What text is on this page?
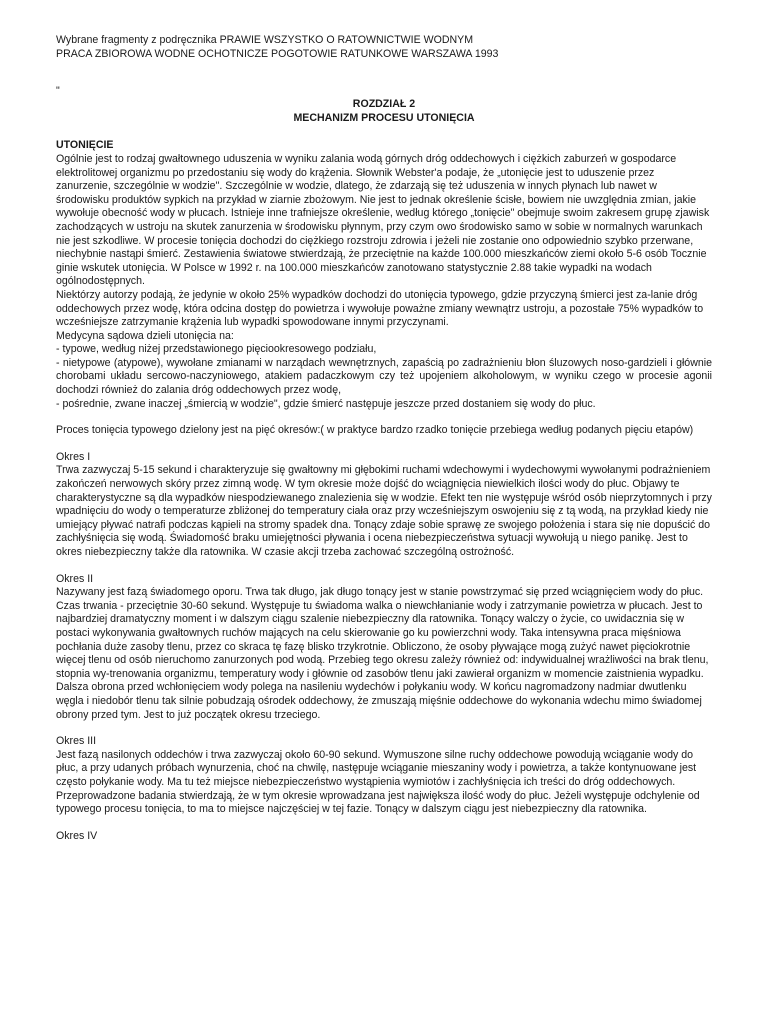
Wybrane fragmenty z podręcznika PRAWIE WSZYSTKO O RATOWNICTWIE WODNYM

PRACA ZBIOROWA WODNE OCHOTNICZE POGOTOWIE RATUNKOWE WARSZAWA 1993

"

ROZDZIAŁ 2

MECHANIZM PROCESU UTONIĘCIA

UTONIĘCIE

Ogólnie jest to rodzaj gwałtownego uduszenia w wyniku zalania wodą górnych dróg oddechowych i ciężkich zaburzeń w gospodarce elektrolitowej organizmu po przedostaniu się wody do krążenia. Słownik Webster'a podaje, że „utonięcie jest to uduszenie przez zanurzenie, szczególnie w wodzie". Szczególnie w wodzie, dlatego, że zdarzają się też uduszenia w innych płynach lub nawet w środowisku produktów sypkich na przykład w ziarnie zbożowym. Nie jest to jednak określenie ścisłe, bowiem nie uwzględnia zmian, jakie wywołuje obecność wody w płucach. Istnieje inne trafniejsze określenie, według którego „tonięcie" obejmuje swoim zakresem grupę zjawisk zachodzących w ustroju na skutek zanurzenia w środowisku płynnym, przy czym owo środowisko samo w sobie w normalnych warunkach nie jest szkodliwe. W procesie tonięcia dochodzi do ciężkiego rozstroju zdrowia i jeżeli nie zostanie ono odpowiednio szybko przerwane, niechybnie nastąpi śmierć. Zestawienia światowe stwierdzają, że przeciętnie na każde 100.000 mieszkańców ziemi około 5-6 osób Tocznie ginie wskutek utonięcia. W Polsce w 1992 r. na 100.000 mieszkańców zanotowano statystycznie 2.88 takie wypadki na wodach ogólnodostępnych.

Niektórzy autorzy podają, że jedynie w około 25% wypadków dochodzi do utonięcia typowego, gdzie przyczyną śmierci jest za-lanie dróg oddechowych przez wodę, która odcina dostęp do powietrza i wywołuje poważne zmiany wewnątrz ustroju, a pozostałe 75% wypadków to wcześniejsze zatrzymanie krążenia lub wypadki spowodowane innymi przyczynami.

Medycyna sądowa dzieli utonięcia na:

- typowe, według niżej przedstawionego pięciookresowego podziału,

- nietypowe (atypowe), wywołane zmianami w narządach wewnętrznych, zapaścią po zadrażnieniu błon śluzowych noso-gardzieli i głównie chorobami układu sercowo-naczyniowego, atakiem padaczkowym czy też upojeniem alkoholowym, w wyniku czego w procesie agonii dochodzi również do zalania dróg oddechowych przez wodę,

- pośrednie, zwane inaczej „śmiercią w wodzie", gdzie śmierć następuje jeszcze przed dostaniem się wody do płuc.

Proces tonięcia typowego dzielony jest na pięć okresów:( w praktyce bardzo rzadko tonięcie przebiega według podanych pięciu etapów)

Okres I

Trwa zazwyczaj 5-15 sekund i charakteryzuje się gwałtowny mi głębokimi ruchami wdechowymi i wydechowymi wywołanymi podrażnieniem zakończeń nerwowych skóry przez zimną wodę. W tym okresie może dojść do wciągnięcia niewielkich ilości wody do płuc. Objawy te charakterystyczne są dla wypadków niespodziewanego znalezienia się w wodzie. Efekt ten nie występuje wśród osób nieprzytomnych i przy wpadnięciu do wody o temperaturze zbliżonej do temperatury ciała oraz przy wcześniejszym oswojeniu się z tą wodą, na przykład kiedy nie umiejący pływać natrafi podczas kąpieli na stromy spadek dna. Tonący zdaje sobie sprawę ze swojego położenia i stara się nie dopuścić do zachłyśnięcia się wodą. Świadomość braku umiejętności pływania i ocena niebezpieczeństwa sytuacji wywołują u niego panikę. Jest to okres niebezpieczny także dla ratownika. W czasie akcji trzeba zachować szczególną ostrożność.

Okres II

Nazywany jest fazą świadomego oporu. Trwa tak długo, jak długo tonący jest w stanie powstrzymać się przed wciągnięciem wody do płuc. Czas trwania - przeciętnie 30-60 sekund. Występuje tu świadoma walka o niewchłanianie wody i zatrzymanie powietrza w płucach. Jest to najbardziej dramatyczny moment i w dalszym ciągu szalenie niebezpieczny dla ratownika. Tonący walczy o życie, co uwidacznia się w postaci wykonywania gwałtownych ruchów mających na celu skierowanie go ku powierzchni wody. Taka intensywna praca mięśniowa pochłania duże zasoby tlenu, przez co skraca tę fazę blisko trzykrotnie. Obliczono, że osoby pływające mogą zużyć nawet pięciokrotnie więcej tlenu od osób nieruchomo zanurzonych pod wodą. Przebieg tego okresu zależy również od: indywidualnej wrażliwości na brak tlenu, stopnia wy-trenowania organizmu, temperatury wody i głównie od zasobów tlenu jaki zawierał organizm w momencie zaistnienia wypadku. Dalsza obrona przed wchłonięciem wody polega na nasileniu wydechów i połykaniu wody. W końcu nagromadzony nadmiar dwutlenku węgla i niedobór tlenu tak silnie pobudzają ośrodek oddechowy, że zmuszają mięśnie oddechowe do wykonania wdechu mimo świadomej obrony przed tym. Jest to już początek okresu trzeciego.

Okres III

Jest fazą nasilonych oddechów i trwa zazwyczaj około 60-90 sekund. Wymuszone silne ruchy oddechowe powodują wciąganie wody do płuc, a przy udanych próbach wynurzenia, choć na chwilę, następuje wciąganie mieszaniny wody i powietrza, a także kontynuowane jest często połykanie wody. Ma tu też miejsce niebezpieczeństwo wystąpienia wymiotów i zachłyśnięcia ich treści do dróg oddechowych. Przeprowadzone badania stwierdzają, że w tym okresie wprowadzana jest największa ilość wody do płuc. Jeżeli występuje odchylenie od typowego procesu tonięcia, to ma to miejsce najczęściej w tej fazie. Tonący w dalszym ciągu jest niebezpieczny dla ratownika.

Okres IV
